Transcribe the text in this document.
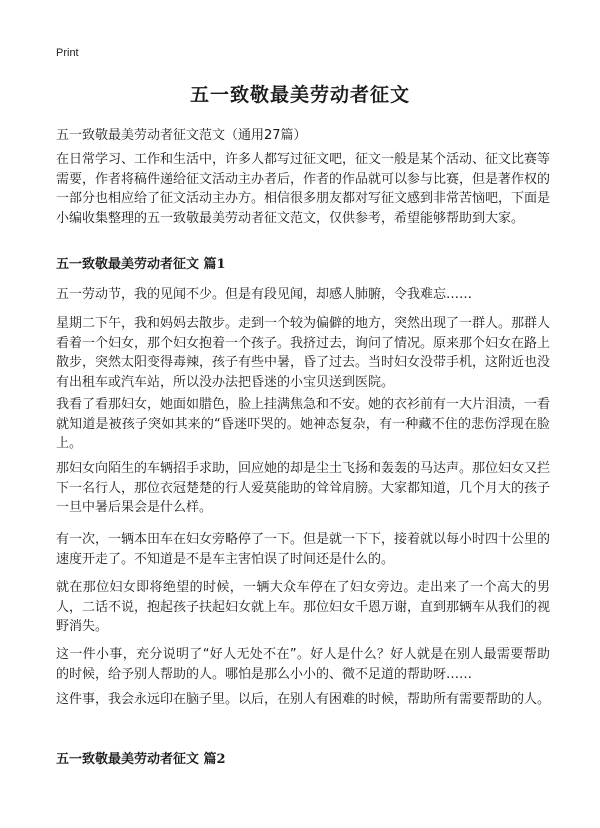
Print
五一致敬最美劳动者征文

五一致敬最美劳动者征文范文（通用27篇）

在日常学习、工作和生活中，许多人都写过征文吧，征文一般是某个活动、征文比赛等需要，作者将稿件递给征文活动主办者后，作者的作品就可以参与比赛，但是著作权的一部分也相应给了征文活动主办方。相信很多朋友都对写征文感到非常苦恼吧，下面是小编收集整理的五一致敬最美劳动者征文范文，仅供参考，希望能够帮助到大家。

五一致敬最美劳动者征文 篇1

五一劳动节，我的见闻不少。但是有段见闻，却感人肺腑，令我难忘……

星期二下午，我和妈妈去散步。走到一个较为偏僻的地方，突然出现了一群人。那群人看着一个妇女，那个妇女抱着一个孩子。我挤过去，询问了情况。原来那个妇女在路上散步，突然太阳变得毒辣，孩子有些中暑，昏了过去。当时妇女没带手机，这附近也没有出租车或汽车站，所以没办法把昏迷的小宝贝送到医院。

我看了看那妇女，她面如腊色，脸上挂满焦急和不安。她的衣衫前有一大片泪渍，一看就知道是被孩子突如其来的“昏迷吓哭的。她神态复杂，有一种藏不住的悲伤浮现在脸上。

那妇女向陌生的车辆招手求助，回应她的却是尘土飞扬和轰轰的马达声。那位妇女又拦下一名行人，那位衣冠楚楚的行人爱莫能助的耸耸肩膀。大家都知道，几个月大的孩子一旦中暑后果会是什么样。

有一次，一辆本田车在妇女旁略停了一下。但是就一下下，接着就以每小时四十公里的速度开走了。不知道是不是车主害怕误了时间还是什么的。

就在那位妇女即将绝望的时候，一辆大众车停在了妇女旁边。走出来了一个高大的男人，二话不说，抱起孩子扶起妇女就上车。那位妇女千恩万谢，直到那辆车从我们的视野消失。

这一件小事，充分说明了“好人无处不在”。好人是什么？好人就是在别人最需要帮助的时候，给予别人帮助的人。哪怕是那么小小的、微不足道的帮助呀……

这件事，我会永远印在脑子里。以后，在别人有困难的时候，帮助所有需要帮助的人。

五一致敬最美劳动者征文 篇2
